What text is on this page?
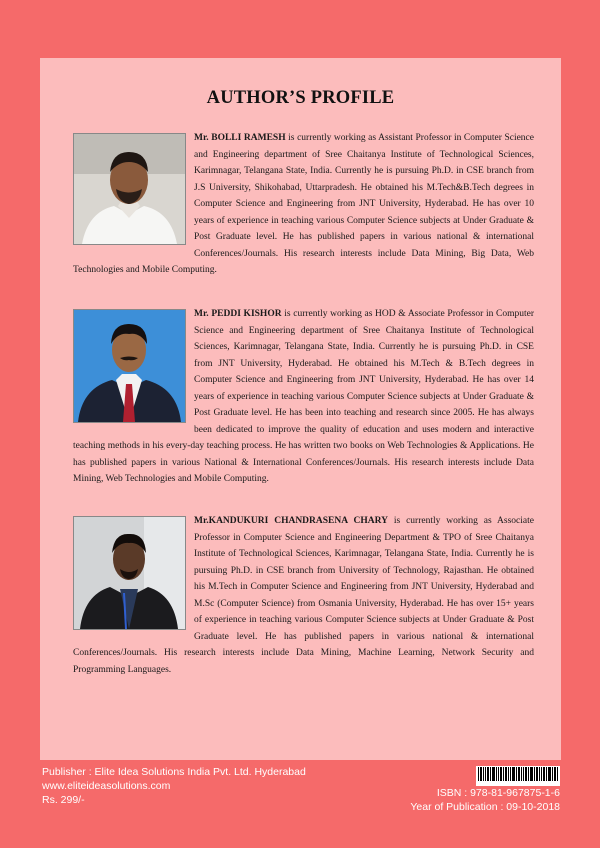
AUTHOR’S PROFILE

Mr. BOLLI RAMESH is currently working as Assistant Professor in Computer Science and Engineering department of Sree Chaitanya Institute of Technological Sciences, Karimnagar, Telangana State, India. Currently he is pursuing Ph.D. in CSE branch from J.S University, Shikohabad, Uttarpradesh. He obtained his M.Tech&B.Tech degrees in Computer Science and Engineering from JNT University, Hyderabad. He has over 10 years of experience in teaching various Computer Science subjects at Under Graduate & Post Graduate level. He has published papers in various national & international Conferences/Journals. His research interests include Data Mining, Big Data, Web Technologies and Mobile Computing.

Mr. PEDDI KISHOR is currently working as HOD & Associate Professor in Computer Science and Engineering department of Sree Chaitanya Institute of Technological Sciences, Karimnagar, Telangana State, India. Currently he is pursuing Ph.D. in CSE from JNT University, Hyderabad. He obtained his M.Tech & B.Tech degrees in Computer Science and Engineering from JNT University, Hyderabad. He has over 14 years of experience in teaching various Computer Science subjects at Under Graduate & Post Graduate level. He has been into teaching and research since 2005. He has always been dedicated to improve the quality of education and uses modern and interactive teaching methods in his every-day teaching process. He has written two books on Web Technologies & Applications. He has published papers in various National & International Conferences/Journals. His research interests include Data Mining, Web Technologies and Mobile Computing.

Mr.KANDUKURI CHANDRASENA CHARY is currently working as Associate Professor in Computer Science and Engineering Department & TPO of Sree Chaitanya Institute of Technological Sciences, Karimnagar, Telangana State, India. Currently he is pursuing Ph.D. in CSE branch from University of Technology, Rajasthan. He obtained his M.Tech in Computer Science and Engineering from JNT University, Hyderabad and M.Sc (Computer Science) from Osmania University, Hyderabad. He has over 15+ years of experience in teaching various Computer Science subjects at Under Graduate & Post Graduate level. He has published papers in various national & international Conferences/Journals. His research interests include Data Mining, Machine Learning, Network Security and Programming Languages.

Publisher : Elite Idea Solutions India Pvt. Ltd. Hyderabad
www.eliteideasolutions.com
Rs. 299/-
ISBN : 978-81-967875-1-6
Year of Publication : 09-10-2018
